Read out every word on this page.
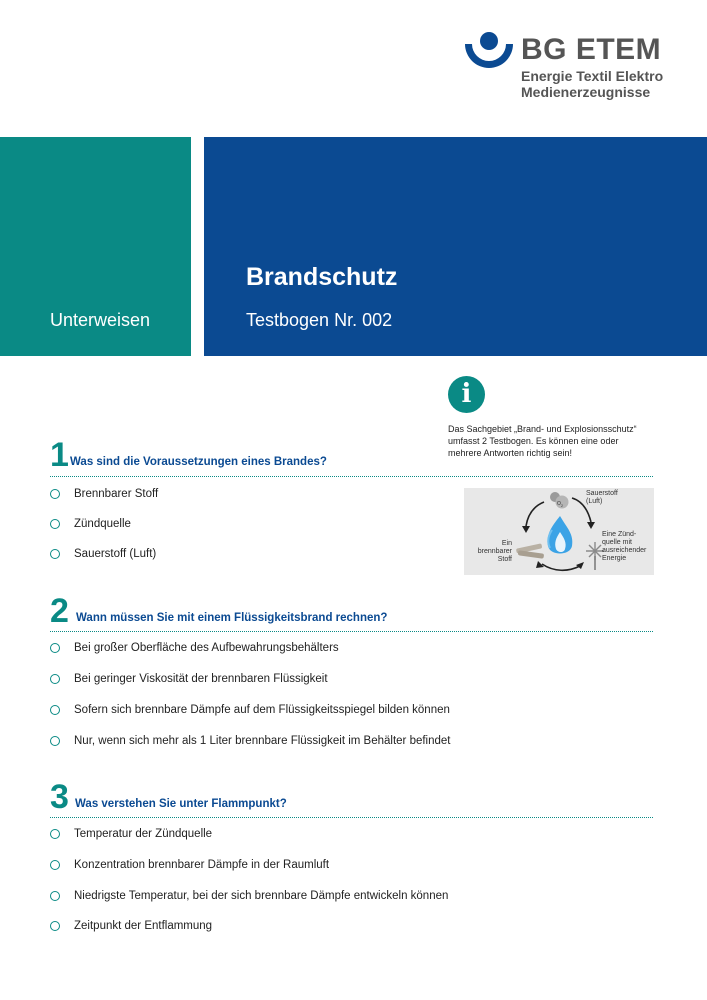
BG ETEM
Energie Textil Elektro
Medienerzeugnisse
Unterweisen
Brandschutz
Testbogen Nr. 002
i
Das Sachgebiet „Brand- und Explosionsschutz“
umfasst 2 Testbogen. Es können eine oder
mehrere Antworten richtig sein!
O 2
Sauerstoff
(Luft)
Ein
brennbarer
Stoff
Eine Zünd-
quelle mit
ausreichender
Energie
1 Was sind die Voraussetzungen eines Brandes?
Brennbarer Stoff
Zündquelle
Sauerstoff (Luft)
2 Wann müssen Sie mit einem Flüssigkeitsbrand rechnen?
Bei großer Oberfläche des Aufbewahrungsbehälters
Bei geringer Viskosität der brennbaren Flüssigkeit
Sofern sich brennbare Dämpfe auf dem Flüssigkeitsspiegel bilden können
Nur, wenn sich mehr als 1 Liter brennbare Flüssigkeit im Behälter befindet
3 Was verstehen Sie unter Flammpunkt?
Temperatur der Zündquelle
Konzentration brennbarer Dämpfe in der Raumluft
Niedrigste Temperatur, bei der sich brennbare Dämpfe entwickeln können
Zeitpunkt der Entflammung
